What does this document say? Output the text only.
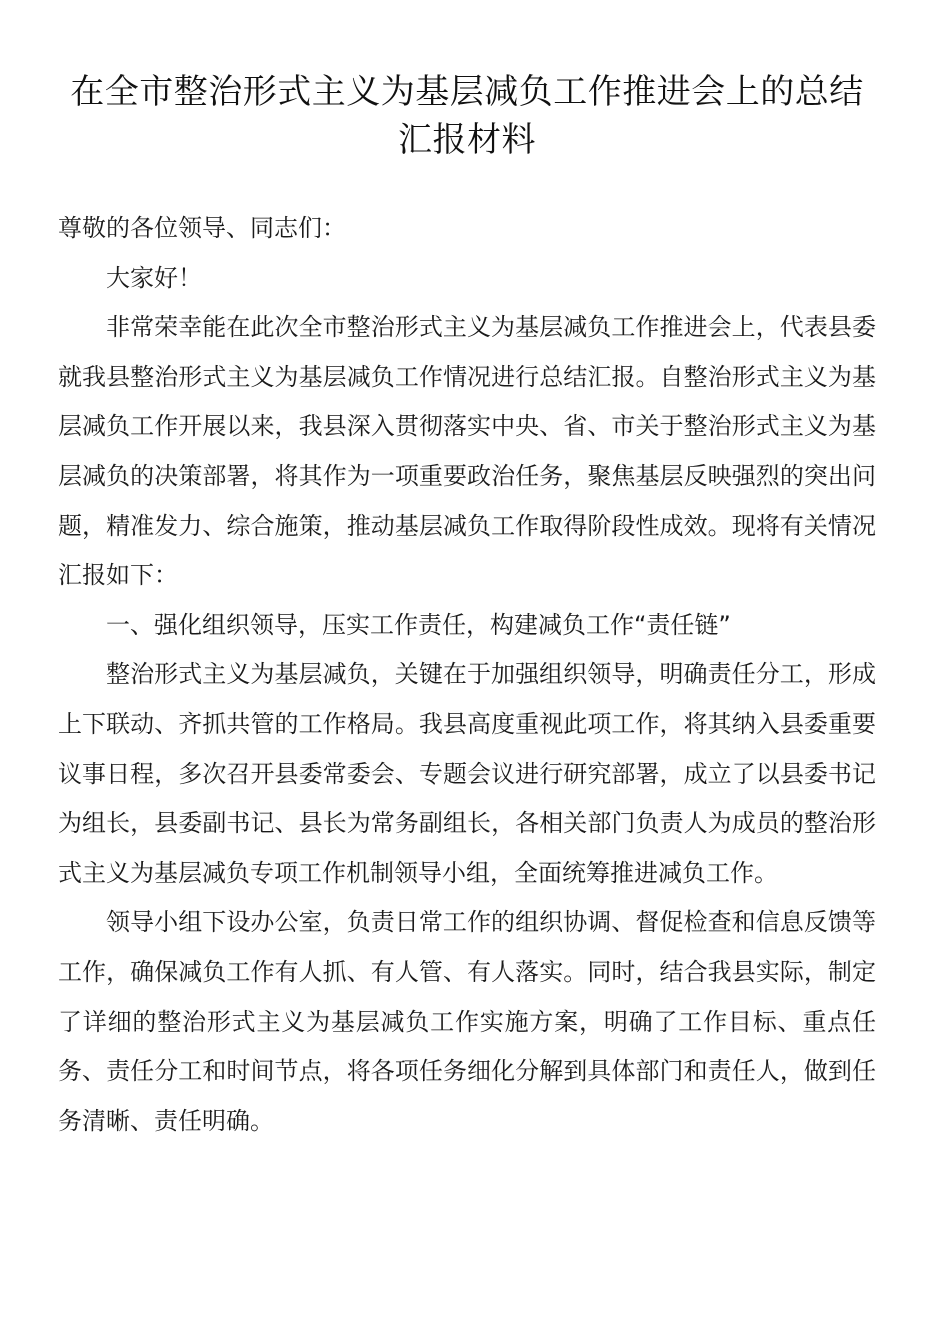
在全市整治形式主义为基层减负工作推进会上的总结汇报材料

尊敬的各位领导、同志们：

大家好！

非常荣幸能在此次全市整治形式主义为基层减负工作推进会上，代表县委就我县整治形式主义为基层减负工作情况进行总结汇报。自整治形式主义为基层减负工作开展以来，我县深入贯彻落实中央、省、市关于整治形式主义为基层减负的决策部署，将其作为一项重要政治任务，聚焦基层反映强烈的突出问题，精准发力、综合施策，推动基层减负工作取得阶段性成效。现将有关情况汇报如下：

一、强化组织领导，压实工作责任，构建减负工作“责任链”

整治形式主义为基层减负，关键在于加强组织领导，明确责任分工，形成上下联动、齐抓共管的工作格局。我县高度重视此项工作，将其纳入县委重要议事日程，多次召开县委常委会、专题会议进行研究部署，成立了以县委书记为组长，县委副书记、县长为常务副组长，各相关部门负责人为成员的整治形式主义为基层减负专项工作机制领导小组，全面统筹推进减负工作。

领导小组下设办公室，负责日常工作的组织协调、督促检查和信息反馈等工作，确保减负工作有人抓、有人管、有人落实。同时，结合我县实际，制定了详细的整治形式主义为基层减负工作实施方案，明确了工作目标、重点任务、责任分工和时间节点，将各项任务细化分解到具体部门和责任人，做到任务清晰、责任明确。
